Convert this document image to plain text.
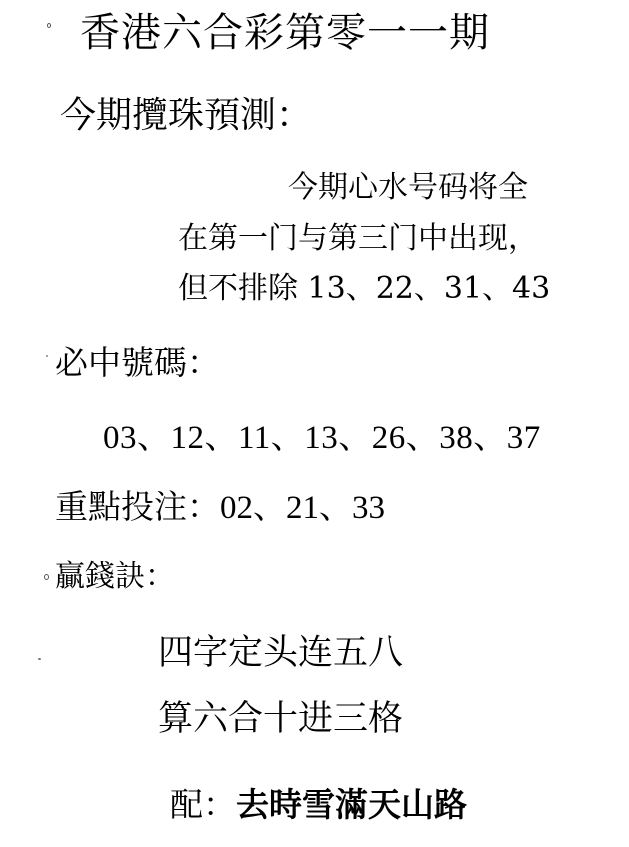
香港六合彩第零一一期
今期攬珠預測：
今期心水号码将全
在第一门与第三门中出现，
但不排除 13、22、31、43
必中號碼：
03、12、11、13、26、38、37
重點投注：02、21、33
贏錢訣：
四字定头连五八
算六合十进三格
配：去時雪滿天山路
